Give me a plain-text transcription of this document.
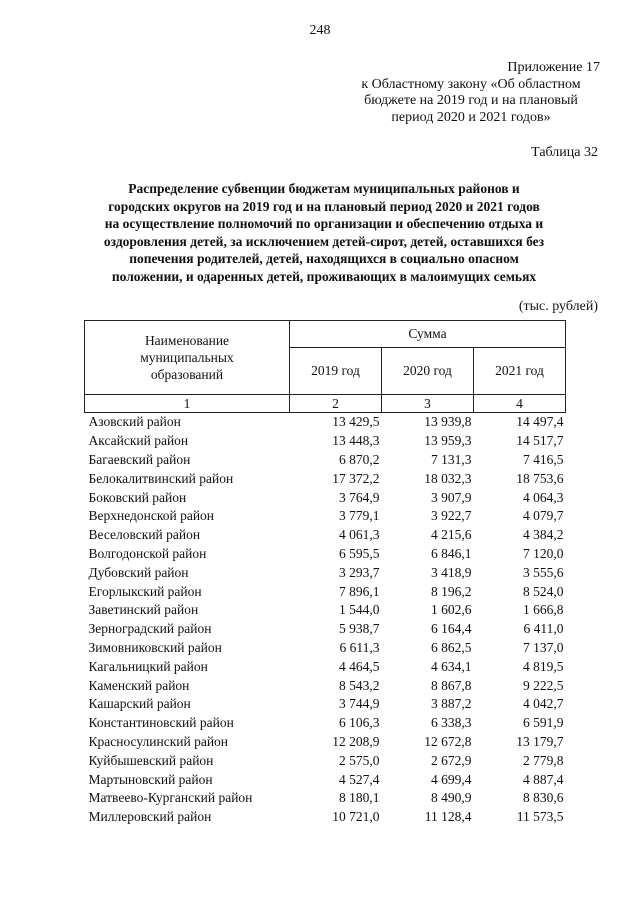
248
Приложение 17
к Областному закону «Об областном
бюджете на 2019 год и на плановый
период 2020 и 2021 годов»
Таблица 32
Распределение субвенции бюджетам муниципальных районов и
городских округов на 2019 год и на плановый период 2020 и 2021 годов
на осуществление полномочий по организации и обеспечению отдыха и
оздоровления детей, за исключением детей-сирот, детей, оставшихся без
попечения родителей, детей, находящихся в социально опасном
положении, и одаренных детей, проживающих в малоимущих семьях
(тыс. рублей)
Наименование
муниципальных
образований	Сумма		
	2019 год	2020 год	2021 год
1	2	3	4
Азовский район	13 429,5	13 939,8	14 497,4
Аксайский район	13 448,3	13 959,3	14 517,7
Багаевский район	6 870,2	7 131,3	7 416,5
Белокалитвинский район	17 372,2	18 032,3	18 753,6
Боковский район	3 764,9	3 907,9	4 064,3
Верхнедонской район	3 779,1	3 922,7	4 079,7
Веселовский район	4 061,3	4 215,6	4 384,2
Волгодонской район	6 595,5	6 846,1	7 120,0
Дубовский район	3 293,7	3 418,9	3 555,6
Егорлыкский район	7 896,1	8 196,2	8 524,0
Заветинский район	1 544,0	1 602,6	1 666,8
Зерноградский район	5 938,7	6 164,4	6 411,0
Зимовниковский район	6 611,3	6 862,5	7 137,0
Кагальницкий район	4 464,5	4 634,1	4 819,5
Каменский район	8 543,2	8 867,8	9 222,5
Кашарский район	3 744,9	3 887,2	4 042,7
Константиновский район	6 106,3	6 338,3	6 591,9
Красносулинский район	12 208,9	12 672,8	13 179,7
Куйбышевский район	2 575,0	2 672,9	2 779,8
Мартыновский район	4 527,4	4 699,4	4 887,4
Матвеево-Курганский район	8 180,1	8 490,9	8 830,6
Миллеровский район	10 721,0	11 128,4	11 573,5
